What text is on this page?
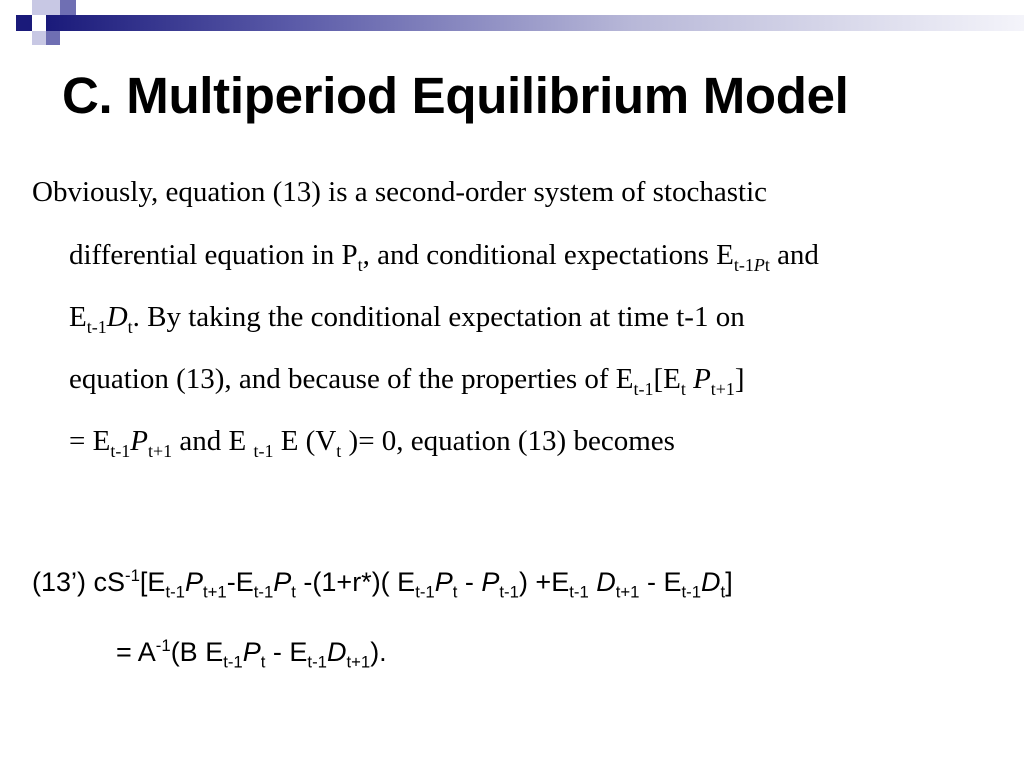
C. Multiperiod Equilibrium Model
Obviously, equation (13) is a second-order system of stochastic
differential equation in $P_t$, and conditional expectations $E_{t-1Pt}$ and
$E_{t-1}D_t$. By taking the conditional expectation at time t-1 on
equation (13), and because of the properties of $E_{t-1}[E_t$ $P_{t+1}$]
= $E_{t-1}P_{t+1}$ and E $_{t-1}$ E ($V_t$ )= 0, equation (13) becomes
(13’) $cS^{-1}[E_{t-1}P_{t+1}-E_{t-1}P_t$ -(1+r*)( $E_{t-1}P_t - P_{t-1}) +E_{t-1}$ $D_{t+1} - E_{t-1}D_t$]
= $A^{-1}(B$ $E_{t-1}P_t - E_{t-1}D_{t+1}$).
